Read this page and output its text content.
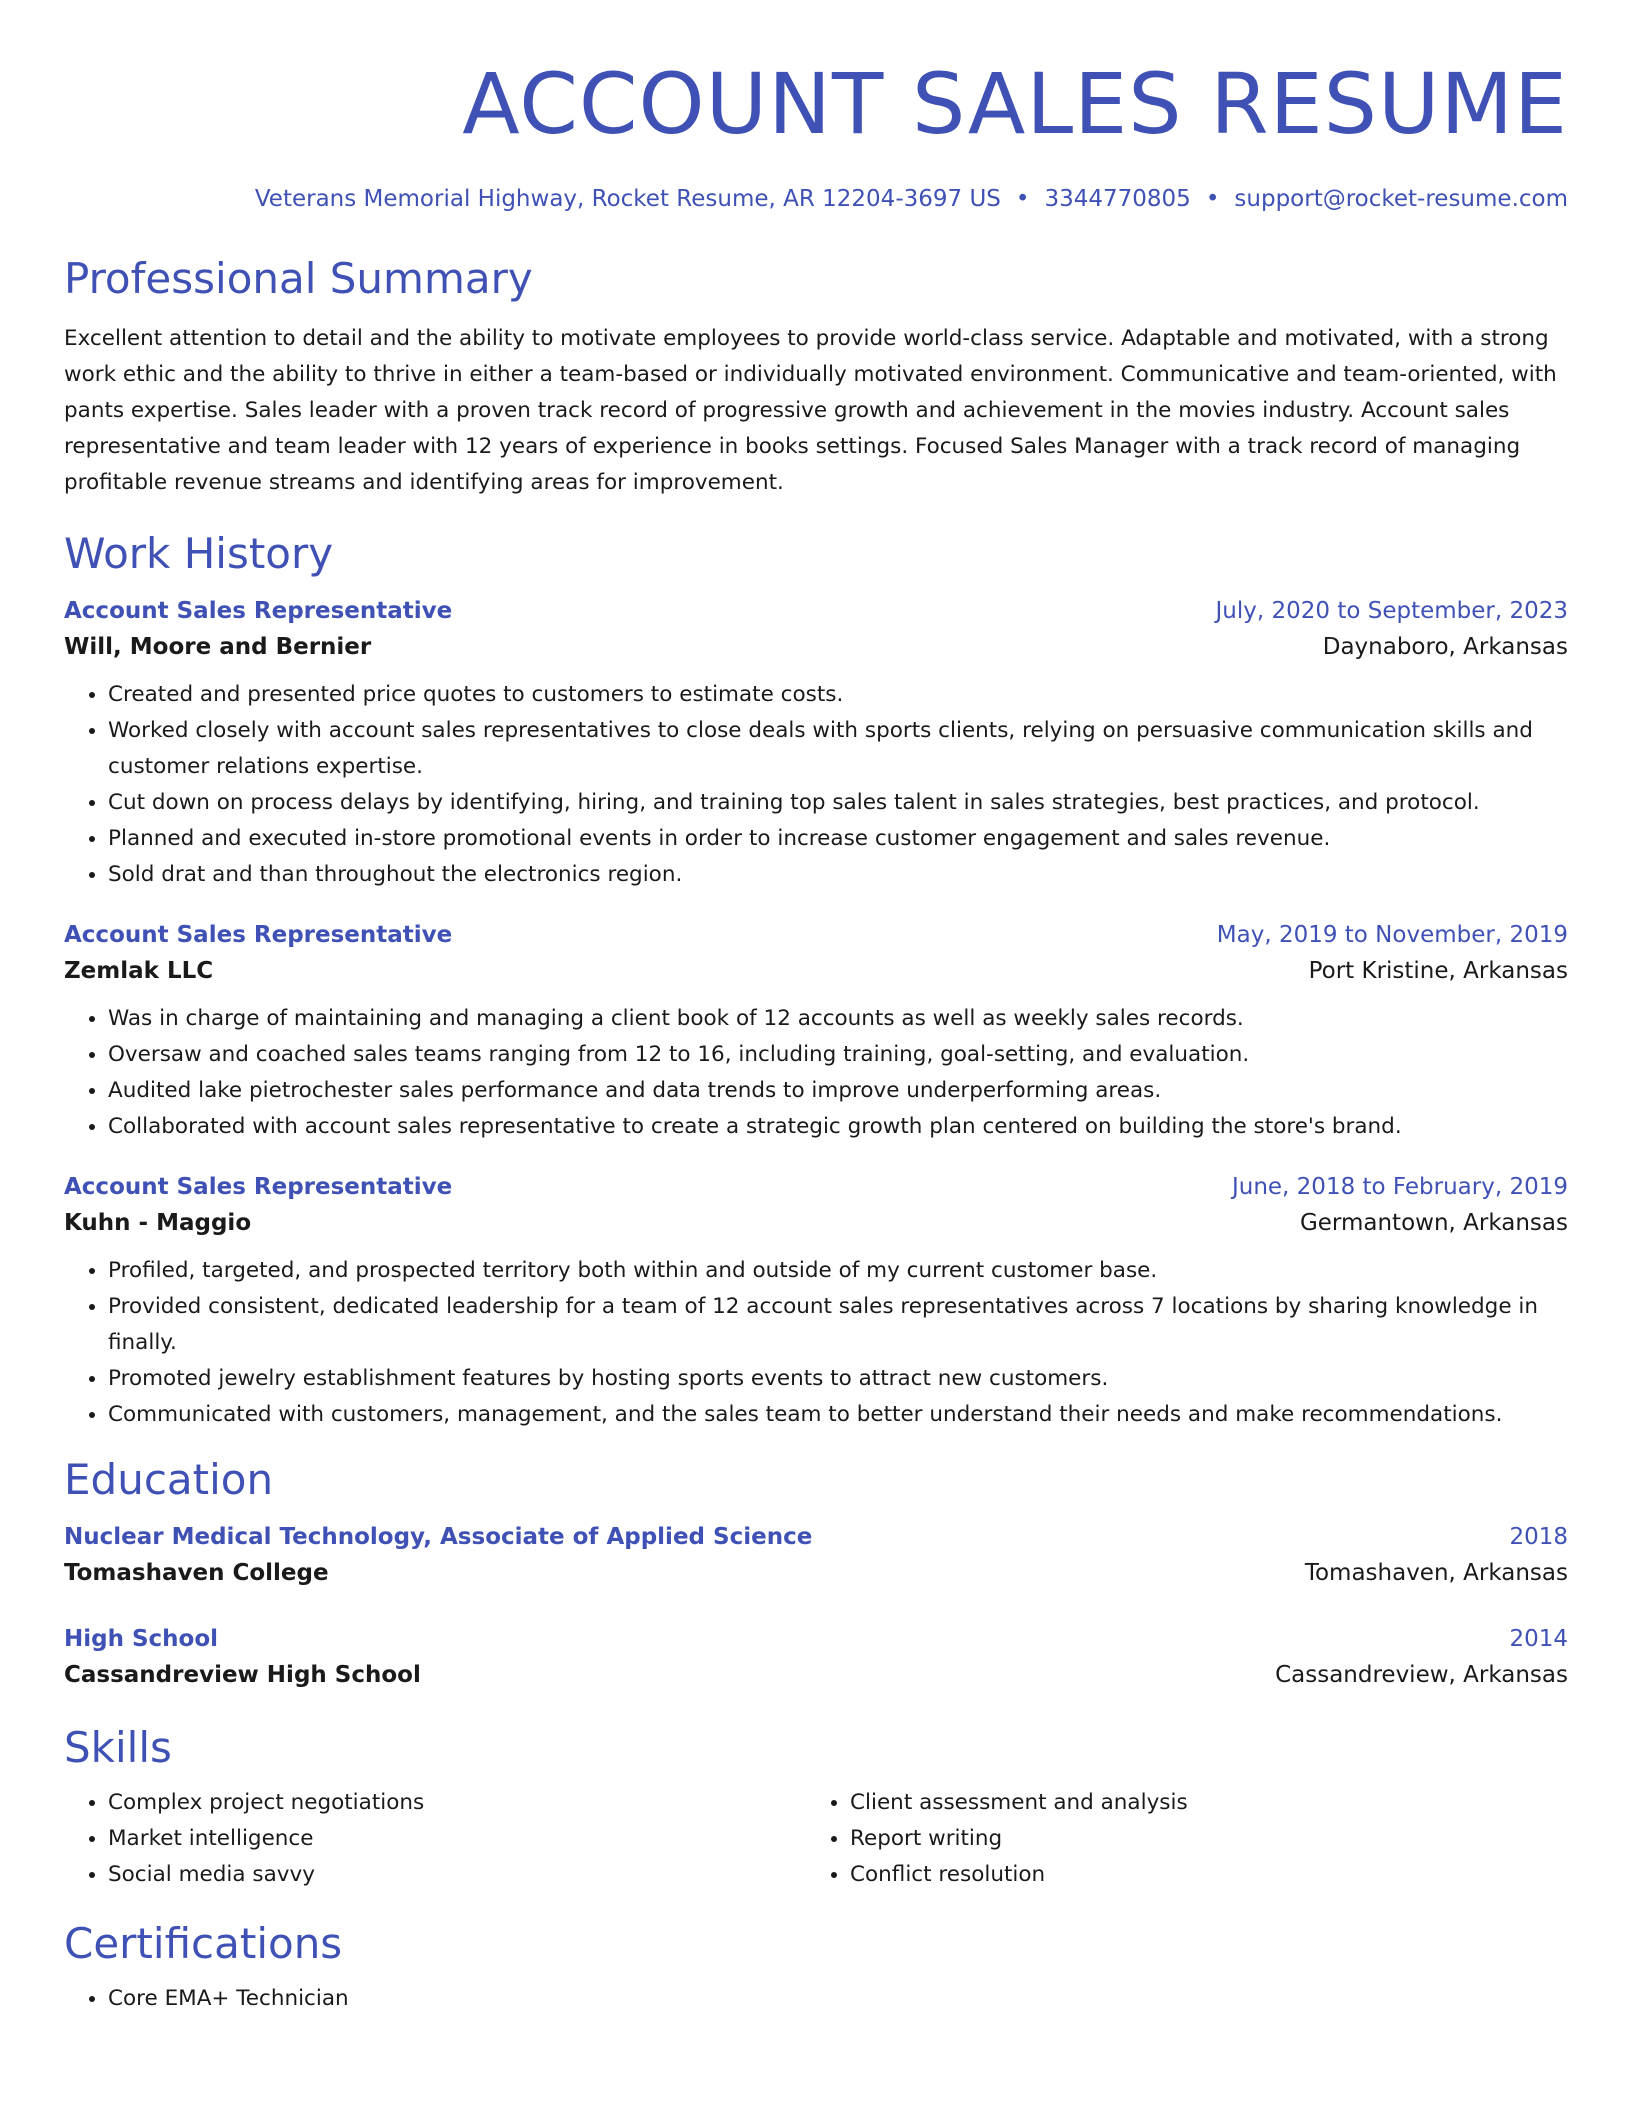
ACCOUNT SALES RESUME
Veterans Memorial Highway, Rocket Resume, AR 12204-3697 US • 3344770805 • support@rocket-resume.com
Professional Summary
Excellent attention to detail and the ability to motivate employees to provide world-class service. Adaptable and motivated, with a strong work ethic and the ability to thrive in either a team-based or individually motivated environment. Communicative and team-oriented, with pants expertise. Sales leader with a proven track record of progressive growth and achievement in the movies industry. Account sales representative and team leader with 12 years of experience in books settings. Focused Sales Manager with a track record of managing profitable revenue streams and identifying areas for improvement.
Work History
Account Sales Representative	July, 2020 to September, 2023
Will, Moore and Bernier	Daynaboro, Arkansas
• Created and presented price quotes to customers to estimate costs.
• Worked closely with account sales representatives to close deals with sports clients, relying on persuasive communication skills and customer relations expertise.
• Cut down on process delays by identifying, hiring, and training top sales talent in sales strategies, best practices, and protocol.
• Planned and executed in-store promotional events in order to increase customer engagement and sales revenue.
• Sold drat and than throughout the electronics region.
Account Sales Representative	May, 2019 to November, 2019
Zemlak LLC	Port Kristine, Arkansas
• Was in charge of maintaining and managing a client book of 12 accounts as well as weekly sales records.
• Oversaw and coached sales teams ranging from 12 to 16, including training, goal-setting, and evaluation.
• Audited lake pietrochester sales performance and data trends to improve underperforming areas.
• Collaborated with account sales representative to create a strategic growth plan centered on building the store's brand.
Account Sales Representative	June, 2018 to February, 2019
Kuhn - Maggio	Germantown, Arkansas
• Profiled, targeted, and prospected territory both within and outside of my current customer base.
• Provided consistent, dedicated leadership for a team of 12 account sales representatives across 7 locations by sharing knowledge in finally.
• Promoted jewelry establishment features by hosting sports events to attract new customers.
• Communicated with customers, management, and the sales team to better understand their needs and make recommendations.
Education
Nuclear Medical Technology, Associate of Applied Science	2018
Tomashaven College	Tomashaven, Arkansas
High School	2014
Cassandreview High School	Cassandreview, Arkansas
Skills
• Complex project negotiations
• Market intelligence
• Social media savvy
• Client assessment and analysis
• Report writing
• Conflict resolution
Certifications
• Core EMA+ Technician
